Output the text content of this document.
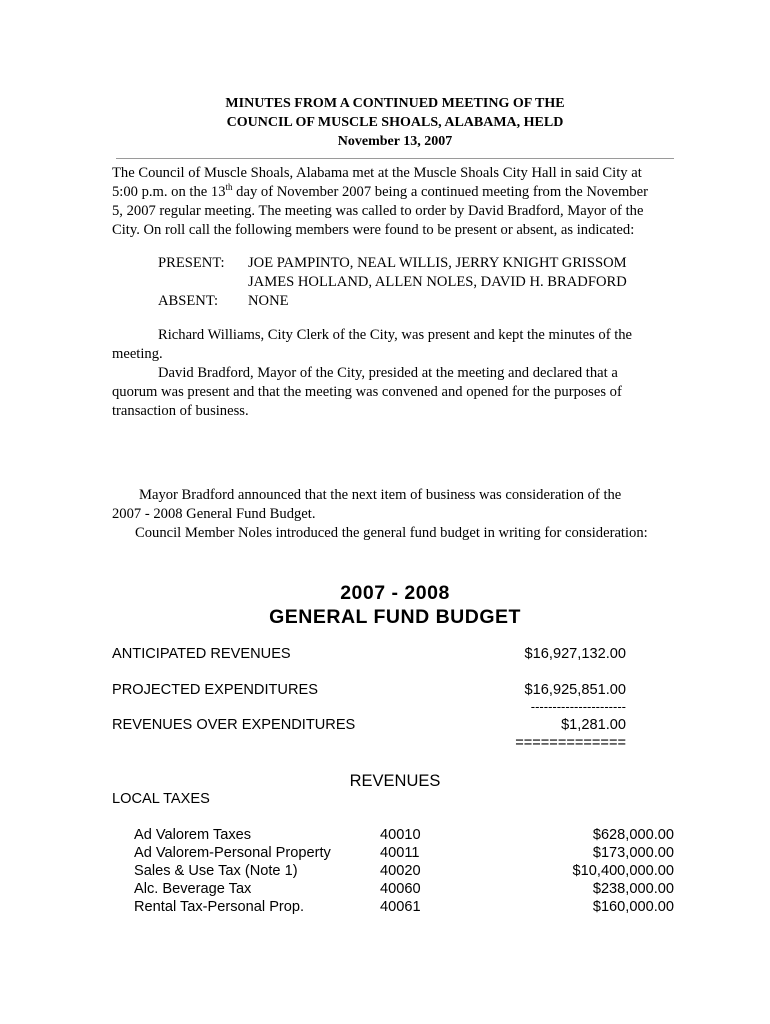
MINUTES FROM A CONTINUED MEETING OF THE
COUNCIL OF MUSCLE SHOALS, ALABAMA, HELD
November 13, 2007
The Council of Muscle Shoals, Alabama met at the Muscle Shoals City Hall in said City at
5:00 p.m. on the 13th day of November 2007 being a continued meeting from the November
5, 2007 regular meeting. The meeting was called to order by David Bradford, Mayor of the
City. On roll call the following members were found to be present or absent, as indicated:
PRESENT: JOE PAMPINTO, NEAL WILLIS, JERRY KNIGHT GRISSOM
JAMES HOLLAND, ALLEN NOLES, DAVID H. BRADFORD
ABSENT: NONE
Richard Williams, City Clerk of the City, was present and kept the minutes of the
meeting.
David Bradford, Mayor of the City, presided at the meeting and declared that a
quorum was present and that the meeting was convened and opened for the purposes of
transaction of business.
Mayor Bradford announced that the next item of business was consideration of the
2007 - 2008 General Fund Budget.
Council Member Noles introduced the general fund budget in writing for consideration:
2007 - 2008
GENERAL FUND BUDGET
ANTICIPATED REVENUES	$16,927,132.00
PROJECTED EXPENDITURES	$16,925,851.00
----------------------
REVENUES OVER EXPENDITURES	$1,281.00
=============
REVENUES
LOCAL TAXES
Ad Valorem Taxes	40010	$628,000.00
Ad Valorem-Personal Property	40011	$173,000.00
Sales & Use Tax (Note 1)	40020	$10,400,000.00
Alc. Beverage Tax	40060	$238,000.00
Rental Tax-Personal Prop.	40061	$160,000.00
